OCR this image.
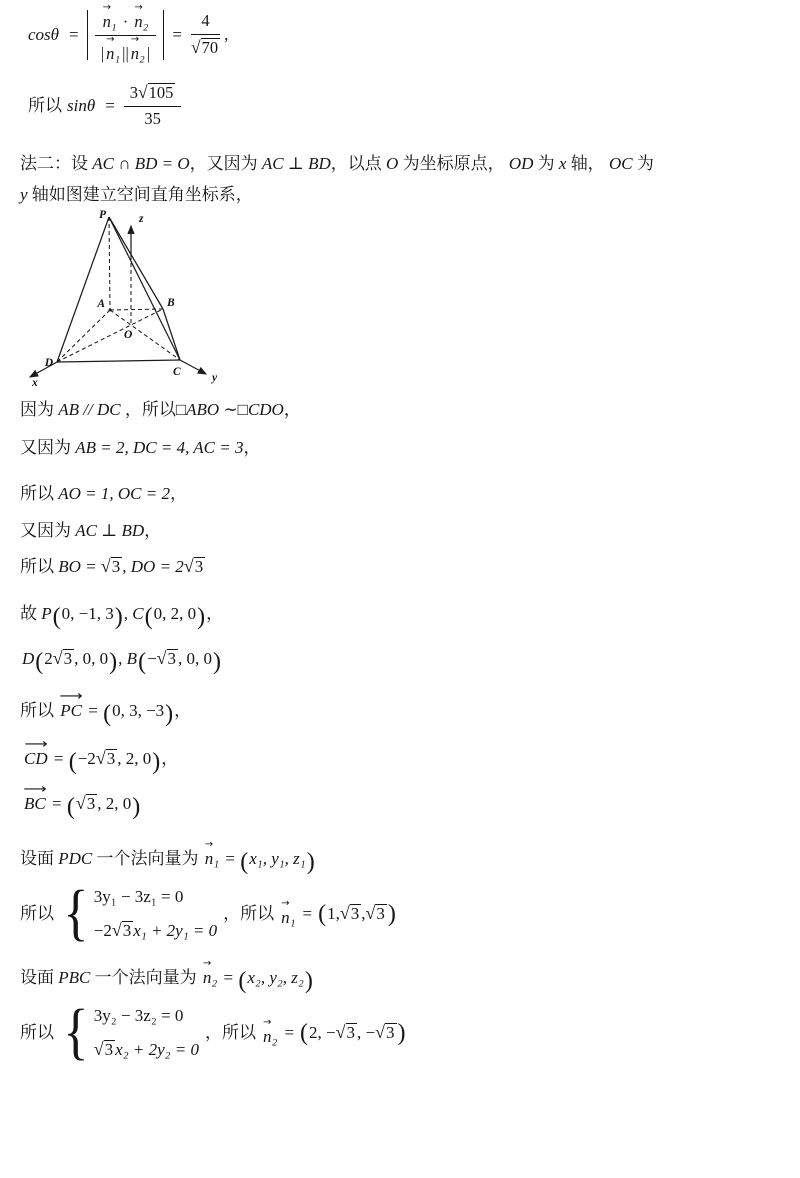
cosθ = → $\frac{\text{n₁ · → n₂}}{\text{| → n₁ || → n₂ |}} = 4$
√ 70 ,
所以 $\sin\theta = \frac{3 √ 105}{35}$
法二：设 AC ∩ BD = O，又因为 AC ⊥ BD，以点 O 为坐标原点， OD 为 x 轴， OC 为
y 轴如图建立空间直角坐标系，
P	z
A	B
O
D
C
x	y
因为 AB // DC ，所以□ABO ∼□CDO，
又因为 AB = 2, DC = 4, AC = 3，
所以 AO = 1, OC = 2，
又因为 AC ⊥ BD，
所以 BO = √ 3 , DO = 2 √ 3
故 P(0, −1, 3), C(0, 2, 0)，
D(2 √ 3 , 0, 0), B(− √ 3 , 0, 0)
所以 ⟶ PC = (0, 3, −3)，
⟶ CD = (−2 √ 3 , 2, 0)，
⟶ BC = ( √ 3 , 2, 0)
设面 PDC 一个法向量为 → n₁ = (x₁, y₁, z₁)
所以 { 3y₁ − 3z₁ = 0
−2 √ 3 x₁ + 2y₁ = 0
，所以 → n₁ = ( 1, √ 3 , √ 3 )
设面 PBC 一个法向量为 → n₂ = (x₂, y₂, z₂)
所以 { 3y₂ − 3z₂ = 0
√ 3 x₂ + 2y₂ = 0
，所以 → n₂ = ( 2, − √ 3 , − √ 3 )
